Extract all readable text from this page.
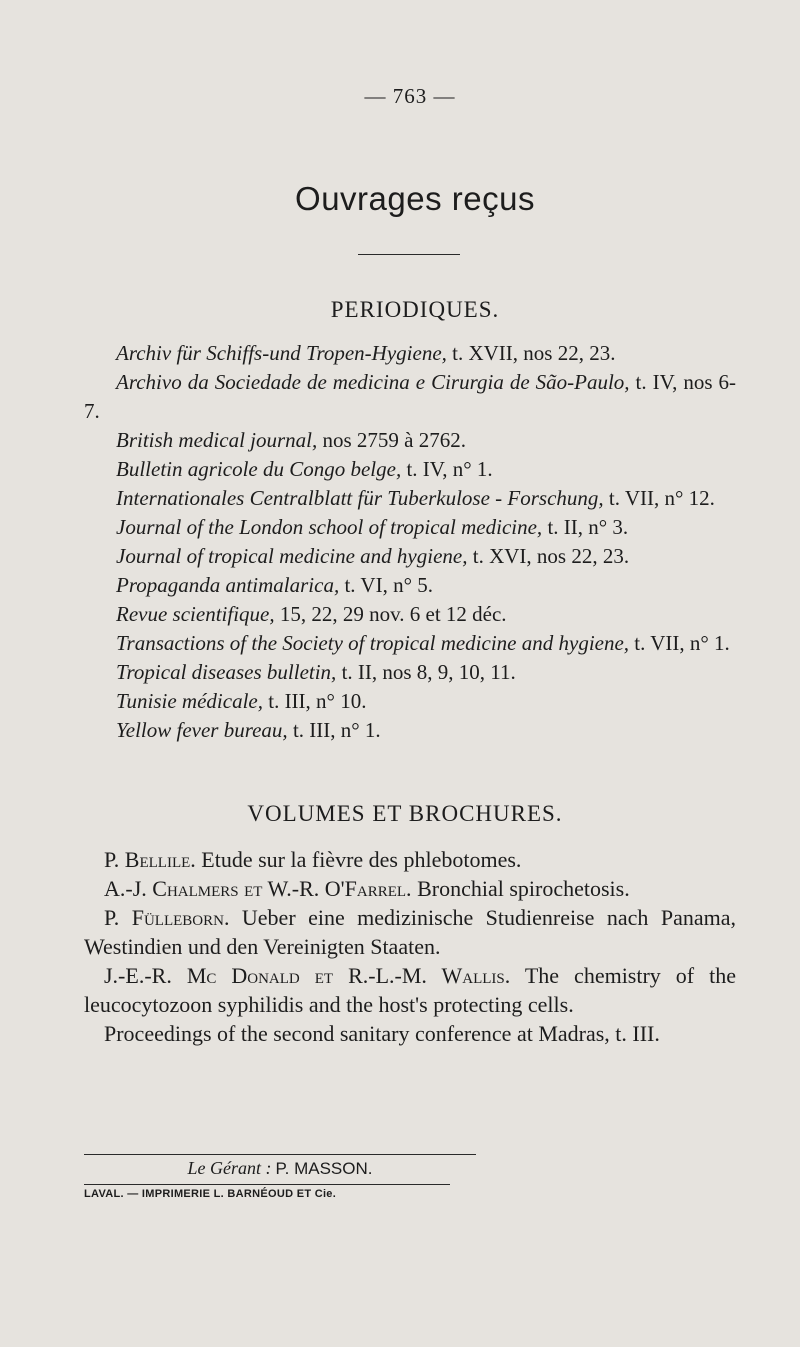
— 763 —
Ouvrages reçus
PERIODIQUES.

Archiv für Schiffs-und Tropen-Hygiene, t. XVII, nos 22, 23.

Archivo da Sociedade de medicina e Cirurgia de São-Paulo, t. IV, nos 6-7.

British medical journal, nos 2759 à 2762.

Bulletin agricole du Congo belge, t. IV, n° 1.

Internationales Centralblatt für Tuberkulose - Forschung, t. VII, n° 12.

Journal of the London school of tropical medicine, t. II, n° 3.

Journal of tropical medicine and hygiene, t. XVI, nos 22, 23.

Propaganda antimalarica, t. VI, n° 5.

Revue scientifique, 15, 22, 29 nov. 6 et 12 déc.

Transactions of the Society of tropical medicine and hygiene, t. VII, n° 1.

Tropical diseases bulletin, t. II, nos 8, 9, 10, 11.

Tunisie médicale, t. III, n° 10.

Yellow fever bureau, t. III, n° 1.

VOLUMES ET BROCHURES.

P. Bellile. Etude sur la fièvre des phlebotomes.

A.-J. Chalmers et W.-R. O'Farrel. Bronchial spirochetosis.

P. Fülleborn. Ueber eine medizinische Studienreise nach Panama, Westindien und den Vereinigten Staaten.

J.-E.-R. Mc Donald et R.-L.-M. Wallis. The chemistry of the leucocytozoon syphilidis and the host's protecting cells.

Proceedings of the second sanitary conference at Madras, t. III.

Le Gérant : P. MASSON.
LAVAL. — IMPRIMERIE L. BARNÉOUD ET Cie.
